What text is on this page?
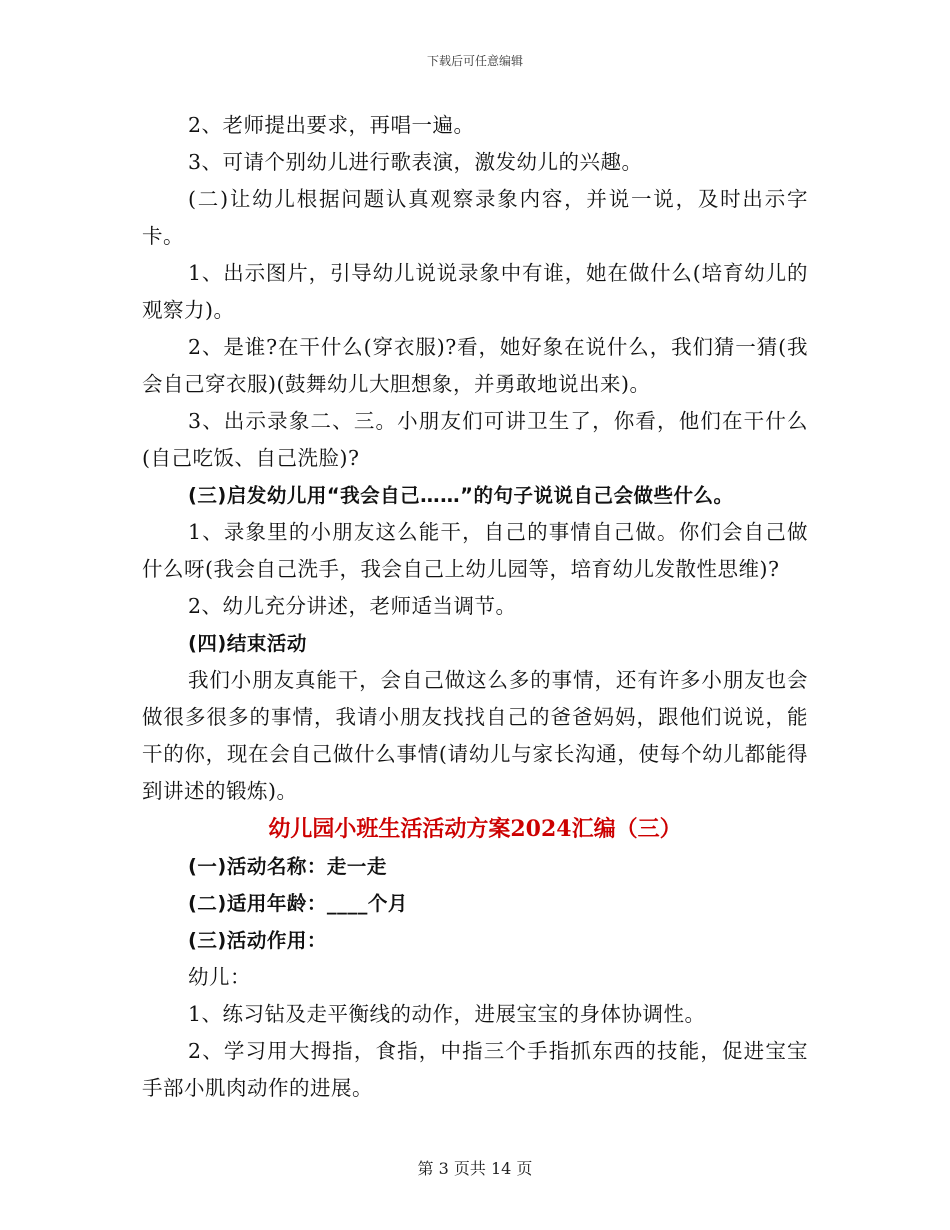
下载后可任意编辑

2、老师提出要求，再唱一遍。

3、可请个别幼儿进行歌表演，激发幼儿的兴趣。

(二)让幼儿根据问题认真观察录象内容，并说一说，及时出示字卡。

1、出示图片，引导幼儿说说录象中有谁，她在做什么(培育幼儿的观察力)。

2、是谁?在干什么(穿衣服)?看，她好象在说什么，我们猜一猜(我会自己穿衣服)(鼓舞幼儿大胆想象，并勇敢地说出来)。

3、出示录象二、三。小朋友们可讲卫生了，你看，他们在干什么(自己吃饭、自己洗脸)?

(三)启发幼儿用“我会自己……”的句子说说自己会做些什么。

1、录象里的小朋友这么能干，自己的事情自己做。你们会自己做什么呀(我会自己洗手，我会自己上幼儿园等，培育幼儿发散性思维)?

2、幼儿充分讲述，老师适当调节。

(四)结束活动

我们小朋友真能干，会自己做这么多的事情，还有许多小朋友也会做很多很多的事情，我请小朋友找找自己的爸爸妈妈，跟他们说说，能干的你，现在会自己做什么事情(请幼儿与家长沟通，使每个幼儿都能得到讲述的锻炼)。

幼儿园小班生活活动方案2024汇编（三）

(一)活动名称：走一走

(二)适用年龄：____个月

(三)活动作用：

幼儿：

1、练习钻及走平衡线的动作，进展宝宝的身体协调性。

2、学习用大拇指，食指，中指三个手指抓东西的技能，促进宝宝手部小肌肉动作的进展。

第 3 页共 14 页
